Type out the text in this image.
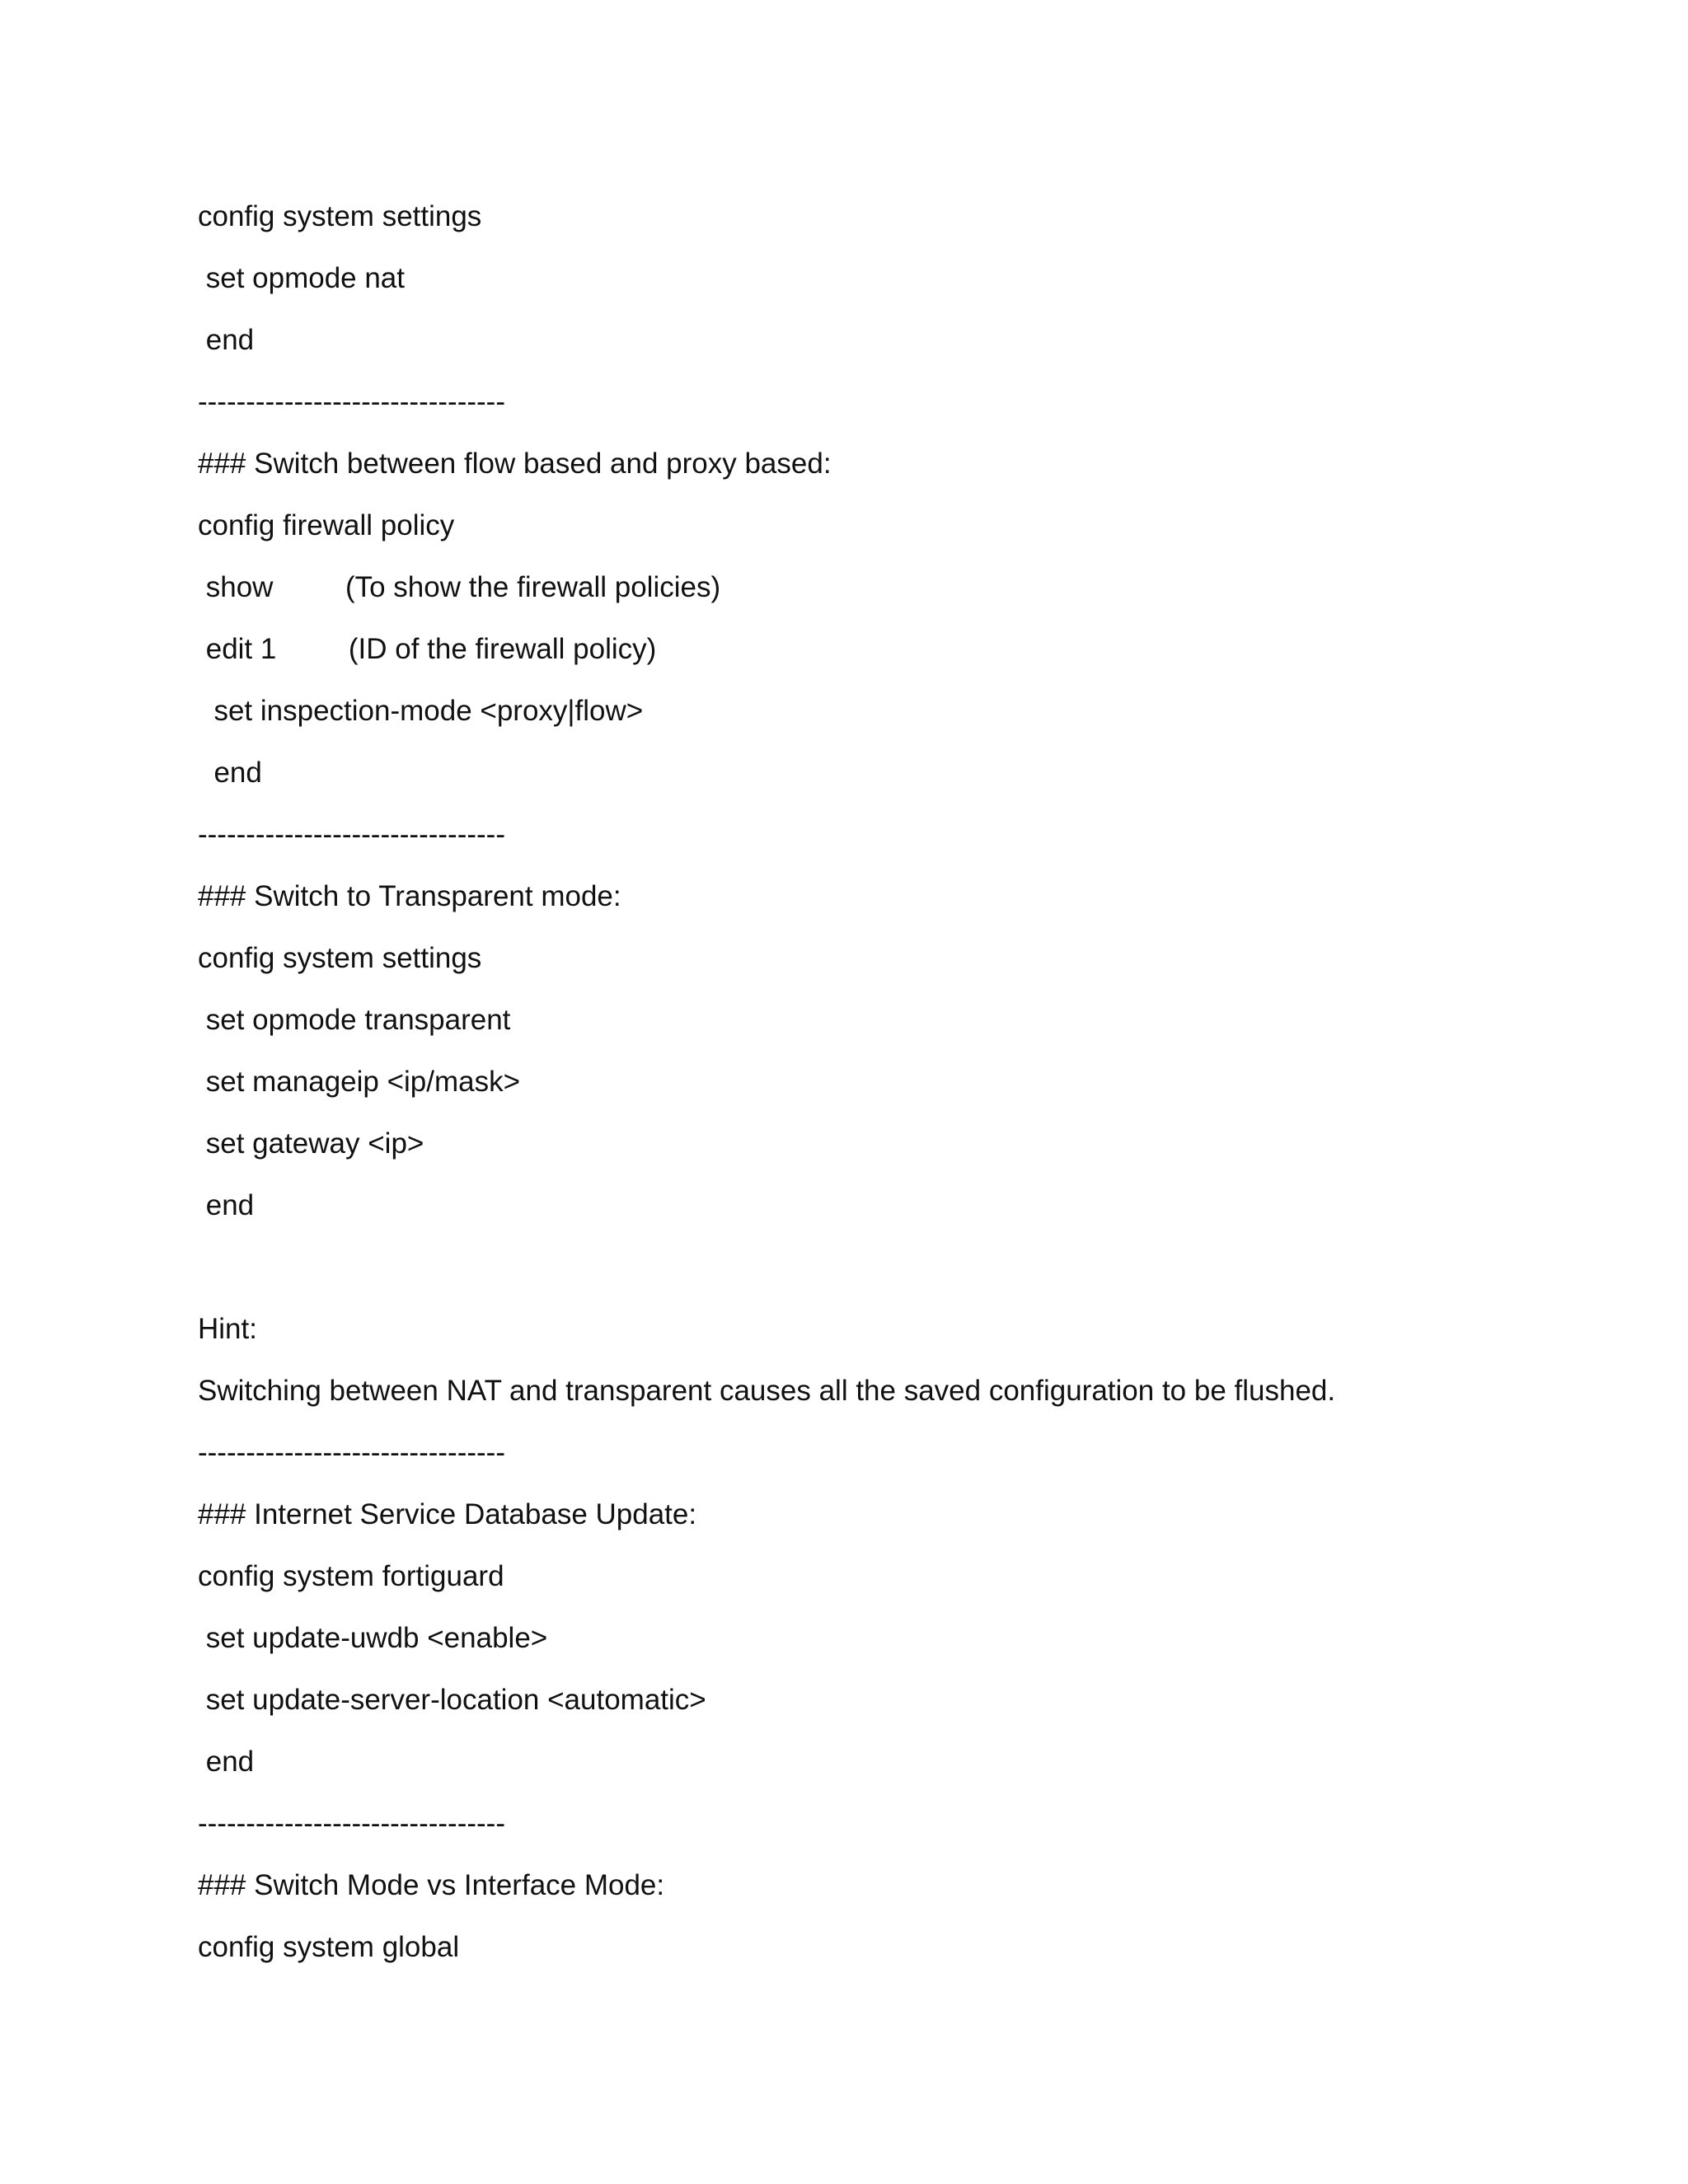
config system settings
set opmode nat
end
--------------------------------
### Switch between flow based and proxy based:
config firewall policy
show         (To show the firewall policies)
edit 1         (ID of the firewall policy)
set inspection-mode <proxy|flow>
end
--------------------------------
### Switch to Transparent mode:
config system settings
set opmode transparent
set manageip <ip/mask>
set gateway <ip>
end
Hint:
Switching between NAT and transparent causes all the saved configuration to be flushed.
--------------------------------
### Internet Service Database Update:
config system fortiguard
set update-uwdb <enable>
set update-server-location <automatic>
end
--------------------------------
### Switch Mode vs Interface Mode:
config system global
